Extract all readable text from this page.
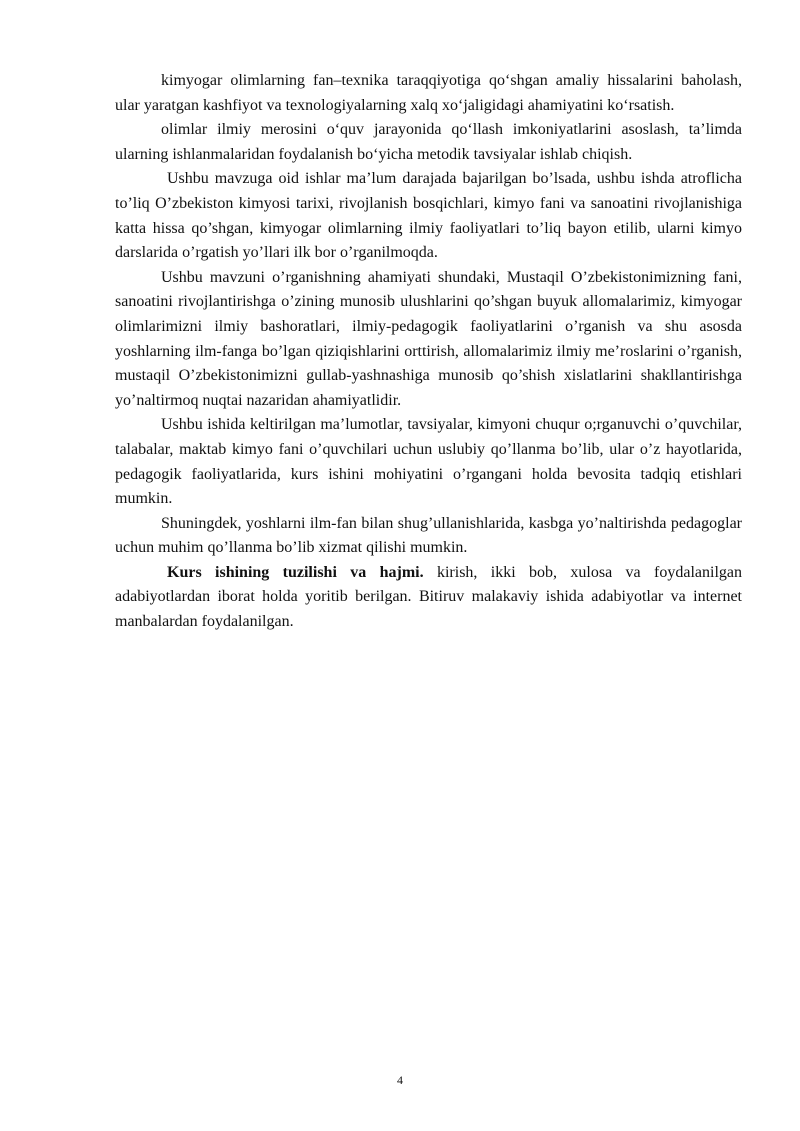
kimyogar olimlarning fan–texnika taraqqiyotiga qo‘shgan amaliy hissalarini baholash, ular yaratgan kashfiyot va texnologiyalarning xalq xo‘jaligidagi ahamiyatini ko‘rsatish.

olimlar ilmiy merosini o‘quv jarayonida qo‘llash imkoniyatlarini asoslash, ta’limda ularning ishlanmalaridan foydalanish bo‘yicha metodik tavsiyalar ishlab chiqish.

Ushbu mavzuga oid ishlar ma’lum darajada bajarilgan bo’lsada, ushbu ishda atroflicha to’liq O’zbekiston kimyosi tarixi, rivojlanish bosqichlari, kimyo fani va sanoatini rivojlanishiga katta hissa qo’shgan, kimyogar olimlarning ilmiy faoliyatlari to’liq bayon etilib, ularni kimyo darslarida o’rgatish yo’llari ilk bor o’rganilmoqda.

Ushbu mavzuni o’rganishning ahamiyati shundaki, Mustaqil O’zbekistonimizning fani, sanoatini rivojlantirishga o’zining munosib ulushlarini qo’shgan buyuk allomalarimiz, kimyogar olimlarimizni ilmiy bashoratlari, ilmiy-pedagogik faoliyatlarini o’rganish va shu asosda yoshlarning ilm-fanga bo’lgan qiziqishlarini orttirish, allomalarimiz ilmiy me’roslarini o’rganish, mustaqil O’zbekistonimizni gullab-yashnashiga munosib qo’shish xislatlarini shakllantirishga yo’naltirmoq nuqtai nazaridan ahamiyatlidir.

Ushbu ishida keltirilgan ma’lumotlar, tavsiyalar, kimyoni chuqur o;rganuvchi o’quvchilar, talabalar, maktab kimyo fani o’quvchilari uchun uslubiy qo’llanma bo’lib, ular o’z hayotlarida, pedagogik faoliyatlarida, kurs ishini mohiyatini o’rgangani holda bevosita tadqiq etishlari mumkin.

Shuningdek, yoshlarni ilm-fan bilan shug’ullanishlarida, kasbga yo’naltirishda pedagoglar uchun muhim qo’llanma bo’lib xizmat qilishi mumkin.

Kurs ishining tuzilishi va hajmi. kirish, ikki bob, xulosa va foydalanilgan adabiyotlardan iborat holda yoritib berilgan. Bitiruv malakaviy ishida adabiyotlar va internet manbalardan foydalanilgan.

4
